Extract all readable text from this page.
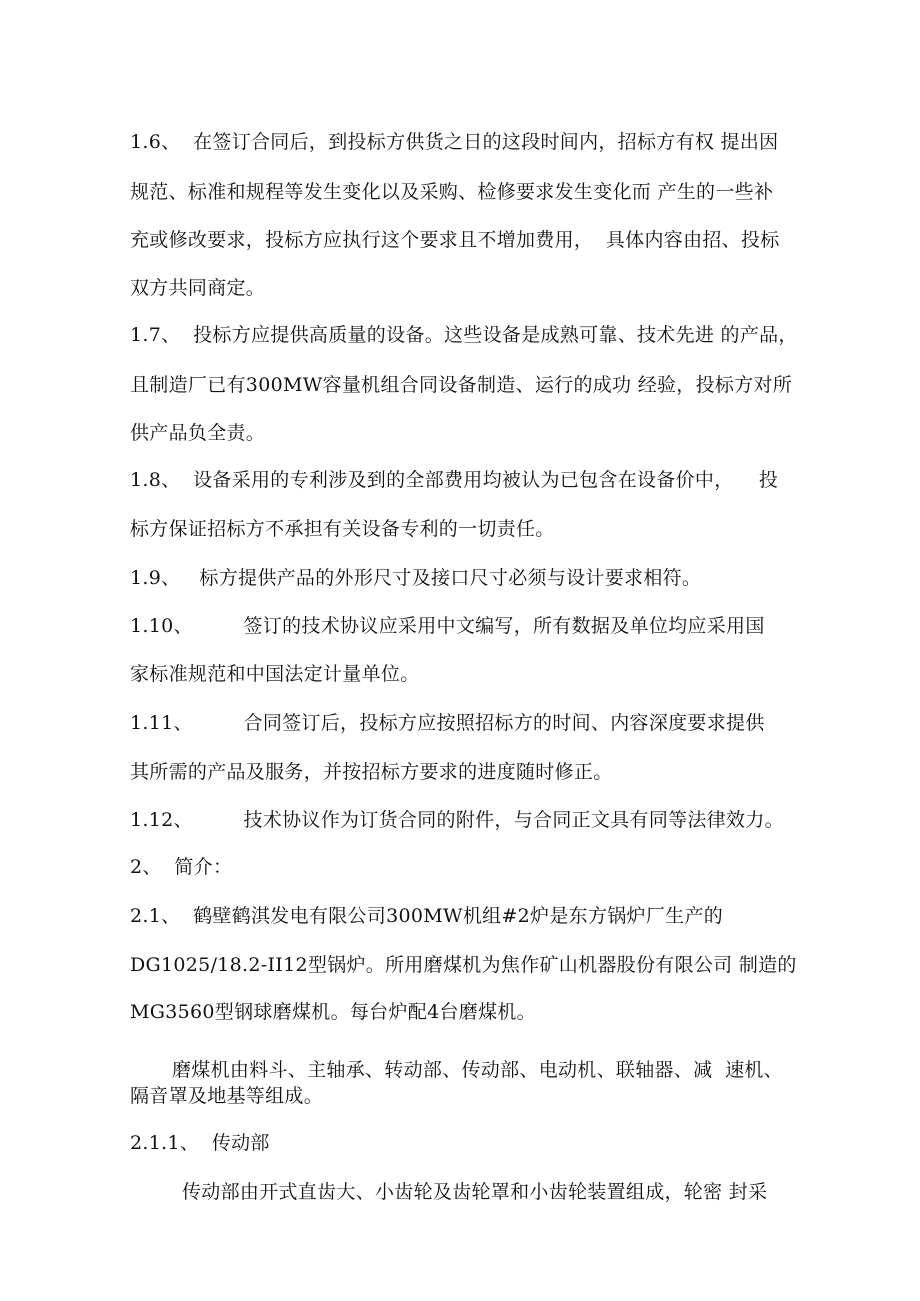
1.6、  在签订合同后，到投标方供货之日的这段时间内，招标方有权 提出因
规范、标准和规程等发生变化以及采购、检修要求发生变化而 产生的一些补
充或修改要求，投标方应执行这个要求且不增加费用，  具体内容由招、投标
双方共同商定。
1.7、  投标方应提供高质量的设备。这些设备是成熟可靠、技术先进 的产品，
且制造厂已有300MW容量机组合同设备制造、运行的成功 经验，投标方对所
供产品负全责。
1.8、  设备采用的专利涉及到的全部费用均被认为已包含在设备价中，    投
标方保证招标方不承担有关设备专利的一切责任。
1.9、   标方提供产品的外形尺寸及接口尺寸必须与设计要求相符。
1.10、        签订的技术协议应采用中文编写，所有数据及单位均应采用国
家标准规范和中国法定计量单位。
1.11、        合同签订后，投标方应按照招标方的时间、内容深度要求提供
其所需的产品及服务，并按招标方要求的进度随时修正。
1.12、        技术协议作为订货合同的附件，与合同正文具有同等法律效力。
2、  简介：
2.1、  鹤壁鹤淇发电有限公司300MW机组#2炉是东方锅炉厂生产的
DG1025/18.2-II12型锅炉。所用磨煤机为焦作矿山机器股份有限公司 制造的
MG3560型钢球磨煤机。每台炉配4台磨煤机。
磨煤机由料斗、主轴承、转动部、传动部、电动机、联轴器、减  速机、
隔音罩及地基等组成。
2.1.1、  传动部
传动部由开式直齿大、小齿轮及齿轮罩和小齿轮装置组成，轮密 封采
